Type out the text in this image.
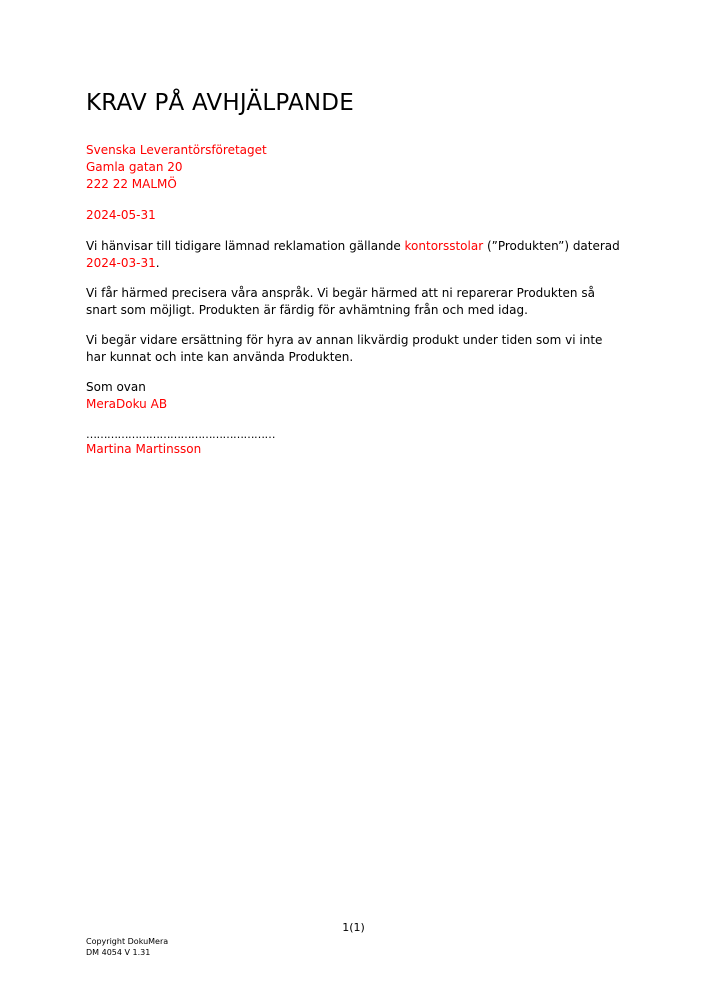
KRAV PÅ AVHJÄLPANDE
Svenska Leverantörsföretaget
Gamla gatan 20
222 22 MALMÖ
2024-05-31

Vi hänvisar till tidigare lämnad reklamation gällande kontorsstolar (”Produkten”) daterad 2024-03-31.

Vi får härmed precisera våra anspråk. Vi begär härmed att ni reparerar Produkten så snart som möjligt. Produkten är färdig för avhämtning från och med idag.

Vi begär vidare ersättning för hyra av annan likvärdig produkt under tiden som vi inte har kunnat och inte kan använda Produkten.

Som ovan
MeraDoku AB
………………………………………………
Martina Martinsson
1(1)
Copyright DokuMera
DM 4054 V 1.31
